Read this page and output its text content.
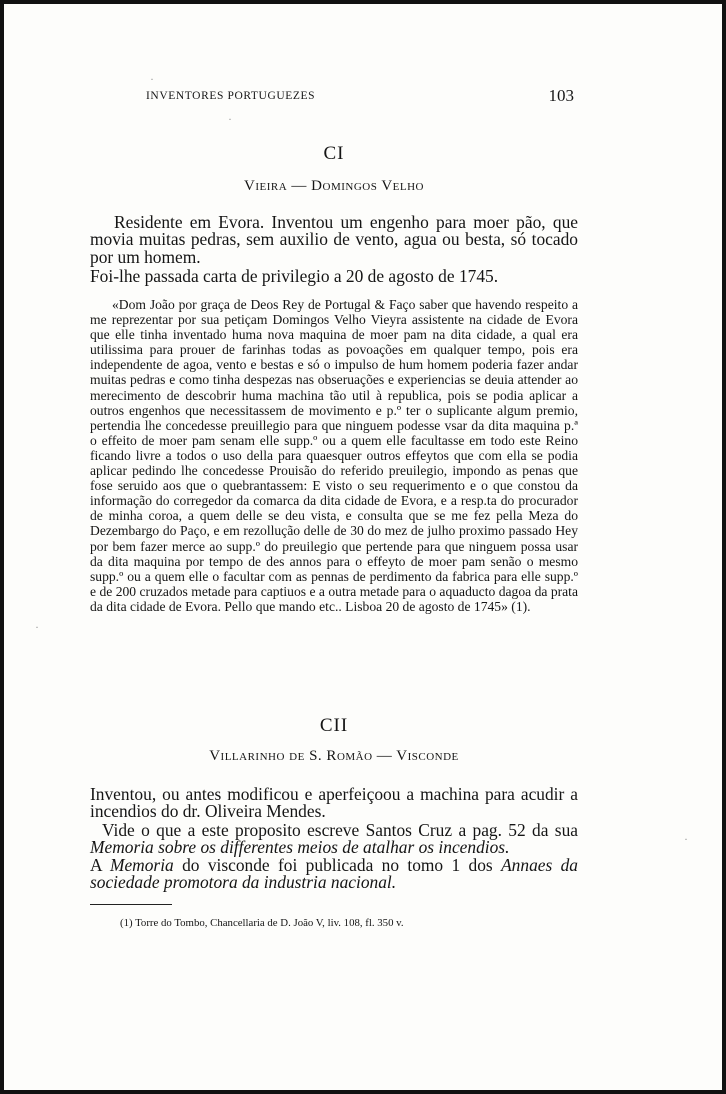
INVENTORES PORTUGUEZES	103
CI
Vieira — Domingos Velho

Residente em Evora. Inventou um engenho para moer pão, que movia muitas pedras, sem auxilio de vento, agua ou besta, só tocado por um homem.

Foi-lhe passada carta de privilegio a 20 de agosto de 1745.

«Dom João por graça de Deos Rey de Portugal & Faço saber que havendo respeito a me reprezentar por sua petiçam Domingos Velho Vieyra assistente na cidade de Evora que elle tinha inventado huma nova maquina de moer pam na dita cidade, a qual era utilissima para prouer de farinhas todas as povoações em qualquer tempo, pois era independente de agoa, vento e bestas e só o impulso de hum homem poderia fazer andar muitas pedras e como tinha despezas nas obseruações e experiencias se deuia attender ao merecimento de descobrir huma machina tão util à republica, pois se podia aplicar a outros engenhos que necessitassem de movimento e p.º ter o suplicante algum premio, pertendia lhe concedesse preuillegio para que ninguem podesse vsar da dita maquina p.ª o effeito de moer pam senam elle supp.º ou a quem elle facultasse em todo este Reino ficando livre a todos o uso della para quaesquer outros effeytos que com ella se podia aplicar pedindo lhe concedesse Prouisão do referido preuilegio, impondo as penas que fose seruido aos que o quebrantassem: E visto o seu requerimento e o que constou da informação do corregedor da comarca da dita cidade de Evora, e a resp.ta do procurador de minha coroa, a quem delle se deu vista, e consulta que se me fez pella Meza do Dezembargo do Paço, e em rezollução delle de 30 do mez de julho proximo passado Hey por bem fazer merce ao supp.º do preuilegio que pertende para que ninguem possa usar da dita maquina por tempo de des annos para o effeyto de moer pam senão o mesmo supp.º ou a quem elle o facultar com as pennas de perdimento da fabrica para elle supp.º e de 200 cruzados metade para captiuos e a outra metade para o aquaducto dagoa da prata da dita cidade de Evora. Pello que mando etc.. Lisboa 20 de agosto de 1745» (1).

CII
Villarinho de S. Romão — Visconde

Inventou, ou antes modificou e aperfeiçoou a machina para acudir a incendios do dr. Oliveira Mendes.

Vide o que a este proposito escreve Santos Cruz a pag. 52 da sua Memoria sobre os differentes meios de atalhar os incendios.

A Memoria do visconde foi publicada no tomo 1 dos Annaes da sociedade promotora da industria nacional.

(1) Torre do Tombo, Chancellaria de D. João V, liv. 108, fl. 350 v.

·
·
·
·
